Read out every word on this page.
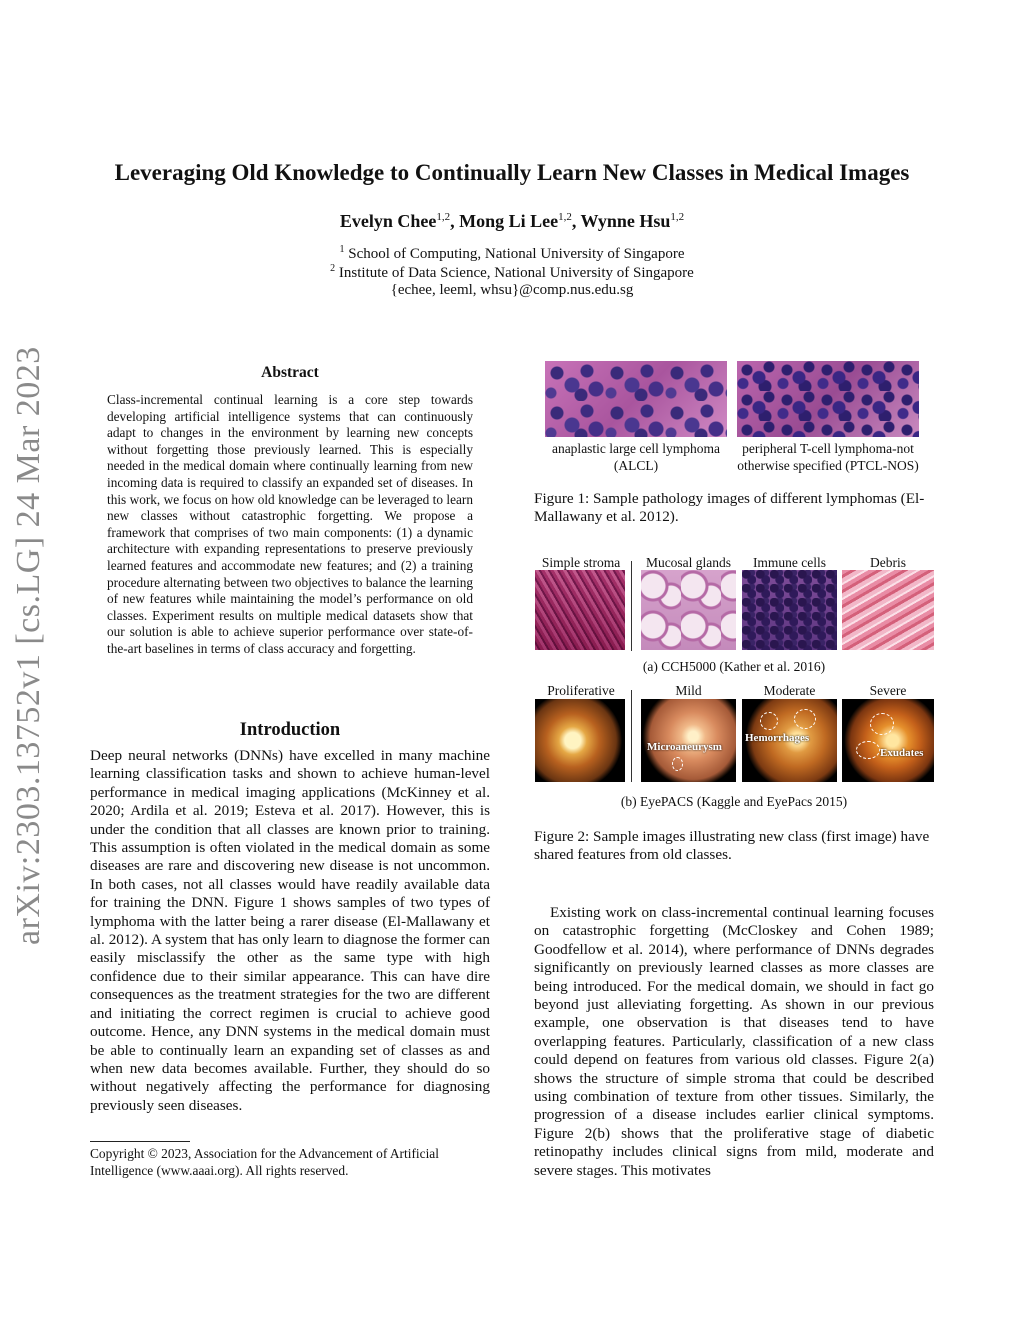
Leveraging Old Knowledge to Continually Learn New Classes in Medical Images
Evelyn Chee$^{1,2}$, Mong Li Lee$^{1,2}$, Wynne Hsu$^{1,2}$
$^1$ School of Computing, National University of Singapore
$^2$ Institute of Data Science, National University of Singapore
{echee, leeml, whsu}@comp.nus.edu.sg
arXiv:2303.13752v1 [cs.LG] 24 Mar 2023	Abstract
Class-incremental continual learning is a core step towards developing artificial intelligence systems that can continuously adapt to changes in the environment by learning new concepts without forgetting those previously learned. This is especially needed in the medical domain where continually learning from new incoming data is required to classify an expanded set of diseases. In this work, we focus on how old knowledge can be leveraged to learn new classes without catastrophic forgetting. We propose a framework that comprises of two main components: (1) a dynamic architecture with expanding representations to preserve previously learned features and accommodate new features; and (2) a training procedure alternating between two objectives to balance the learning of new features while maintaining the model’s performance on old classes. Experiment results on multiple medical datasets show that our solution is able to achieve superior performance over state-of-the-art baselines in terms of class accuracy and forgetting.
Introduction
Deep neural networks (DNNs) have excelled in many machine learning classification tasks and shown to achieve human-level performance in medical imaging applications (McKinney et al. 2020; Ardila et al. 2019; Esteva et al. 2017). However, this is under the condition that all classes are known prior to training. This assumption is often violated in the medical domain as some diseases are rare and discovering new disease is not uncommon. In both cases, not all classes would have readily available data for training the DNN. Figure 1 shows samples of two types of lymphoma with the latter being a rarer disease (El-Mallawany et al. 2012). A system that has only learn to diagnose the former can easily misclassify the other as the same type with high confidence due to their similar appearance. This can have dire consequences as the treatment strategies for the two are different and initiating the correct regimen is crucial to achieve good outcome. Hence, any DNN systems in the medical domain must be able to continually learn an expanding set of classes as and when new data becomes available. Further, they should do so without negatively affecting the performance for diagnosing previously seen diseases.
Copyright © 2023, Association for the Advancement of Artificial Intelligence (www.aaai.org). All rights reserved.
anaplastic large cell lymphoma (ALCL)
peripheral T-cell lymphoma-not otherwise specified (PTCL-NOS)
Figure 1: Sample pathology images of different lymphomas (El-Mallawany et al. 2012).
Simple stroma	Mucosal glands	Immune cells	Debris
(a) CCH5000 (Kather et al. 2016)
Proliferative	Mild	Moderate	Severe
Microaneurysm
Hemorrhages
Exudates
(b) EyePACS (Kaggle and EyePacs 2015)
Figure 2: Sample images illustrating new class (first image) have shared features from old classes.
Existing work on class-incremental continual learning focuses on catastrophic forgetting (McCloskey and Cohen 1989; Goodfellow et al. 2014), where performance of DNNs degrades significantly on previously learned classes as more classes are being introduced. For the medical domain, we should in fact go beyond just alleviating forgetting. As shown in our previous example, one observation is that diseases tend to have overlapping features. Particularly, classification of a new class could depend on features from various old classes. Figure 2(a) shows the structure of simple stroma that could be described using combination of texture from other tissues. Similarly, the progression of a disease includes earlier clinical symptoms. Figure 2(b) shows that the proliferative stage of diabetic retinopathy includes clinical signs from mild, moderate and severe stages. This motivates
